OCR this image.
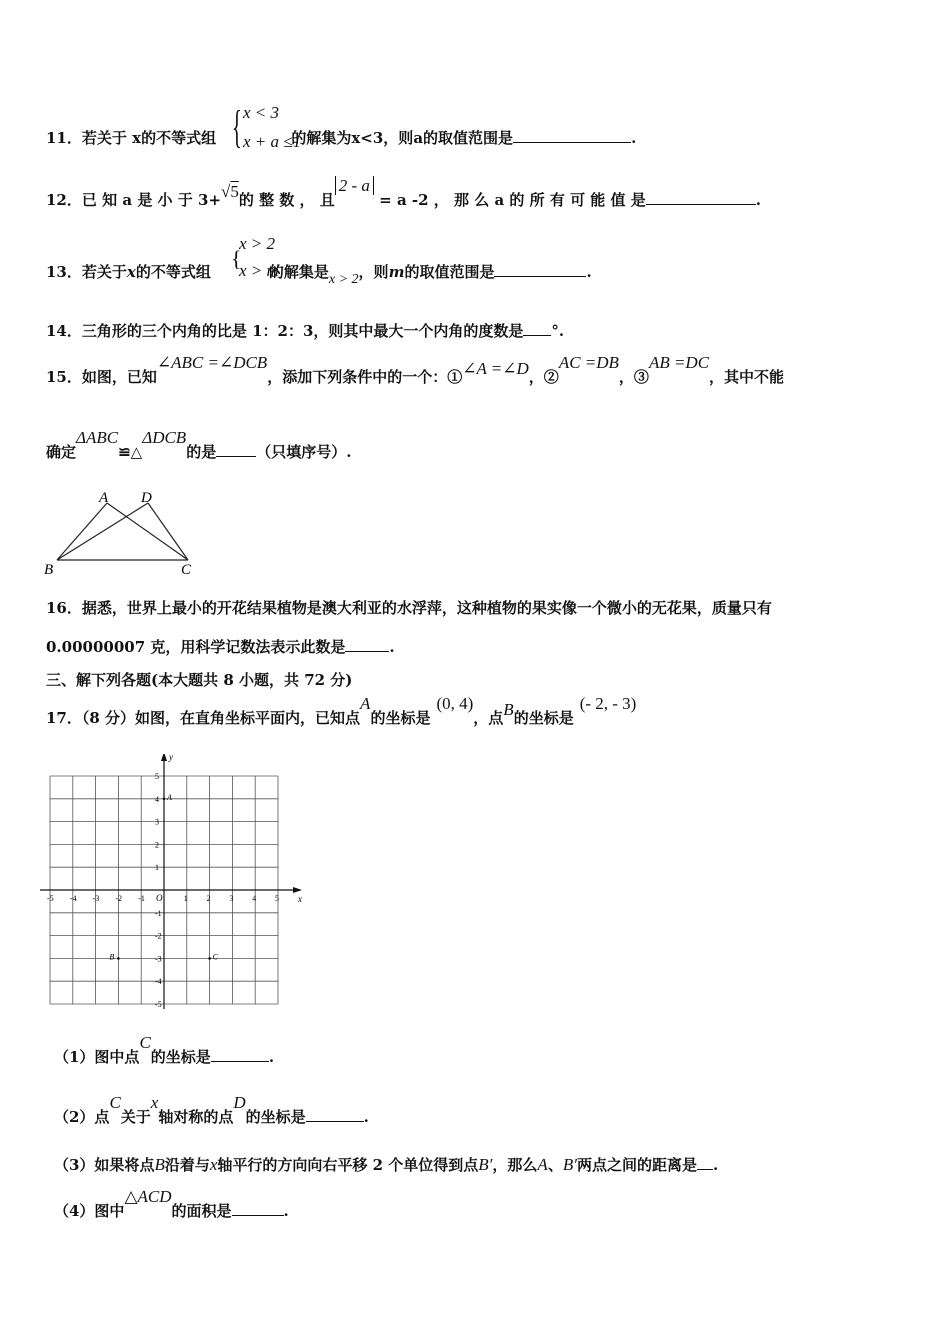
{ x < 3
x + a ≤1
11．若关于 x的不等式组	的解集为x<3，则a的取值范围是	.
12．已 知 a 是 小 于 3+√5的 整 数 ， 且2 - a = a -2 ， 那 么 a 的 所 有 可 能 值 是	.
x > 2
{
x > m
13．若关于x的不等式组	的解集是x > 2，则m的取值范围是	.
14．三角形的三个内角的比是 1：2：3，则其中最大一个内角的度数是 °.
15．如图，已知∠ABC =∠DCB，添加下列条件中的一个：①∠A =∠D，②AC =DB，③AB =DC，其中不能
确定ΔABC≌△ΔDCB的是	（只填序号）.
A D
B	C
16．据悉，世界上最小的开花结果植物是澳大利亚的水浮萍，这种植物的果实像一个微小的无花果，质量只有
0.00000007 克，用科学记数法表示此数是	.
三、解下列各题(本大题共 8 小题，共 72 分)
17．（8 分）如图，在直角坐标平面内，已知点A的坐标是(0, 4)，点B的坐标是(- 2, - 3)
x
y
O
-5 -4 -3 -2 -1	1 2 3 4 5
5
4
3
2
1
-1
-2
-3
-4
-5
A
B	C
（1）图中点C的坐标是	.
（2）点C关于x轴对称的点D的坐标是	.
（3）如果将点B沿着与x轴平行的方向向右平移 2 个单位得到点B′，那么A、B′两点之间的距离是 .
（4）图中△ACD的面积是	.
